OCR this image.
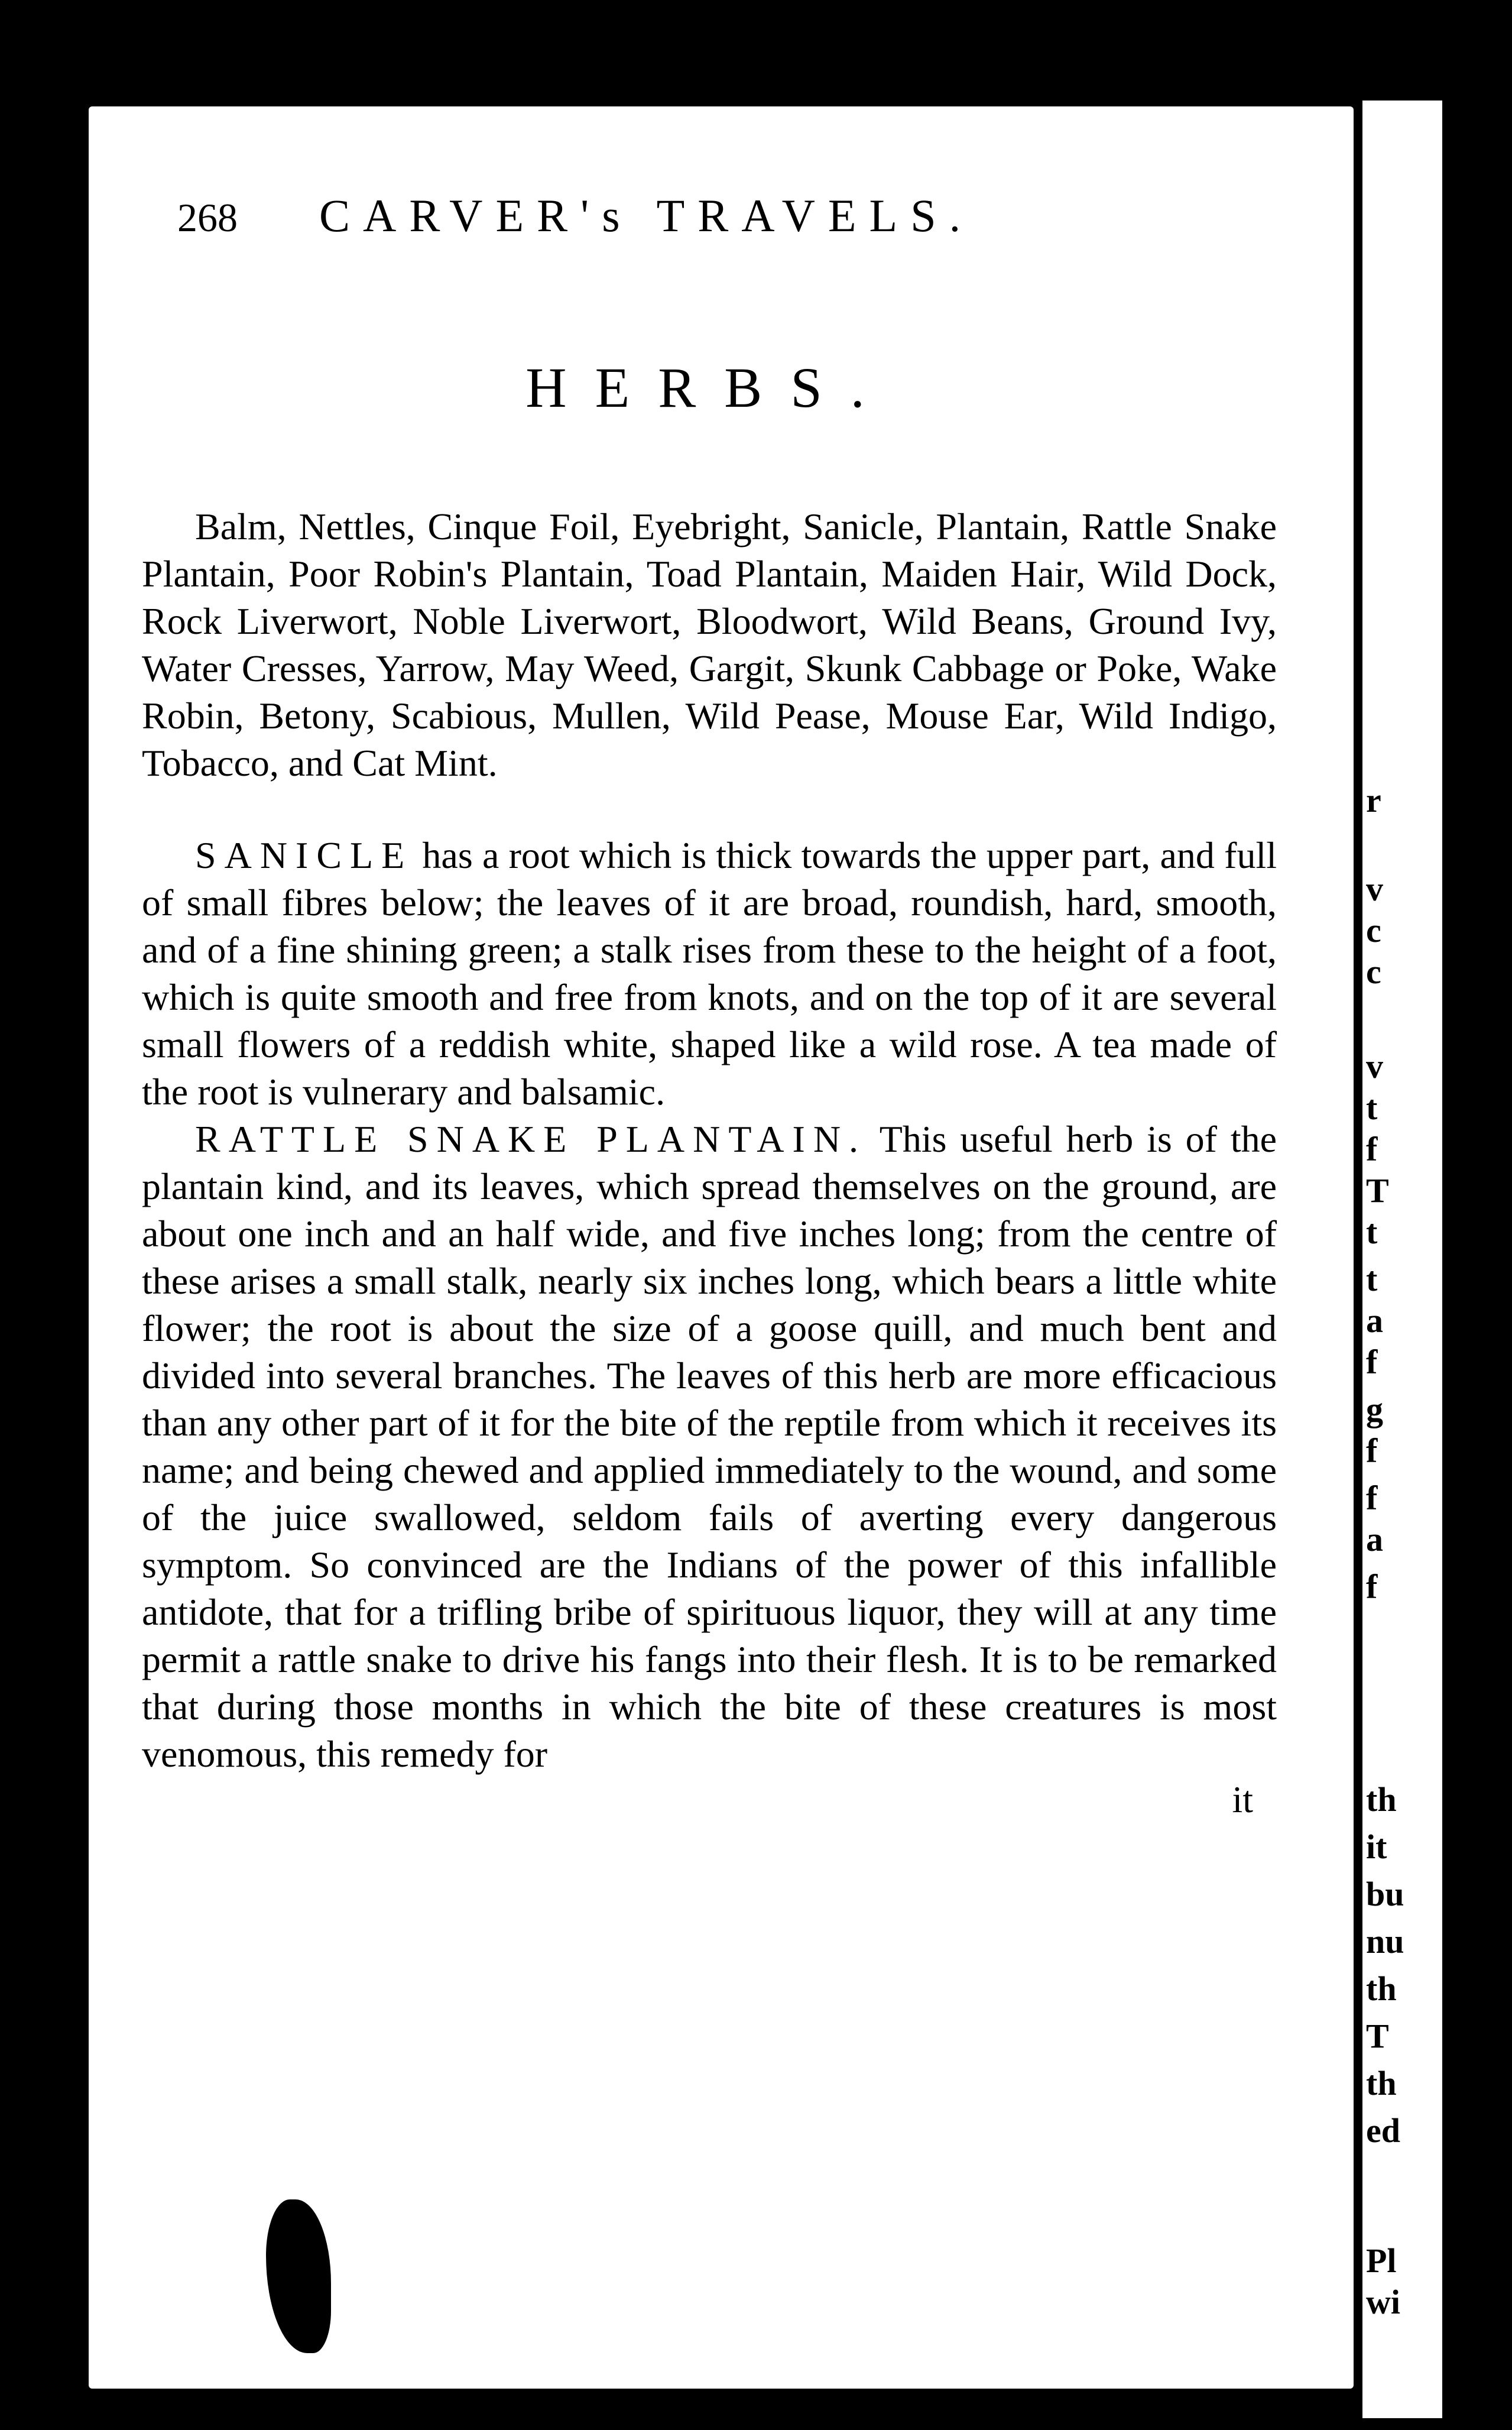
r
v
c
c
v
t
f
T
t
t
a
f
g
f
f
a
f
th
it
bu
nu
th
T
th
ed
Pl
wi
268	CARVER's TRAVELS.
HERBS.

Balm, Nettles, Cinque Foil, Eyebright, Sanicle, Plantain, Rattle Snake Plantain, Poor Robin's Plantain, Toad Plantain, Maiden Hair, Wild Dock, Rock Liverwort, Noble Liverwort, Bloodwort, Wild Beans, Ground Ivy, Water Cresses, Yarrow, May Weed, Gargit, Skunk Cabbage or Poke, Wake Robin, Betony, Scabious, Mullen, Wild Pease, Mouse Ear, Wild Indigo, Tobacco, and Cat Mint.

SANICLE has a root which is thick towards the upper part, and full of small fibres below; the leaves of it are broad, roundish, hard, smooth, and of a fine shining green; a stalk rises from these to the height of a foot, which is quite smooth and free from knots, and on the top of it are several small flowers of a reddish white, shaped like a wild rose. A tea made of the root is vulnerary and balsamic.

RATTLE SNAKE PLANTAIN. This useful herb is of the plantain kind, and its leaves, which spread themselves on the ground, are about one inch and an half wide, and five inches long; from the centre of these arises a small stalk, nearly six inches long, which bears a little white flower; the root is about the size of a goose quill, and much bent and divided into several branches. The leaves of this herb are more efficacious than any other part of it for the bite of the reptile from which it receives its name; and being chewed and applied immediately to the wound, and some of the juice swallowed, seldom fails of averting every dangerous symptom. So convinced are the Indians of the power of this infallible antidote, that for a trifling bribe of spirituous liquor, they will at any time permit a rattle snake to drive his fangs into their flesh. It is to be remarked that during those months in which the bite of these creatures is most venomous, this remedy for

it
